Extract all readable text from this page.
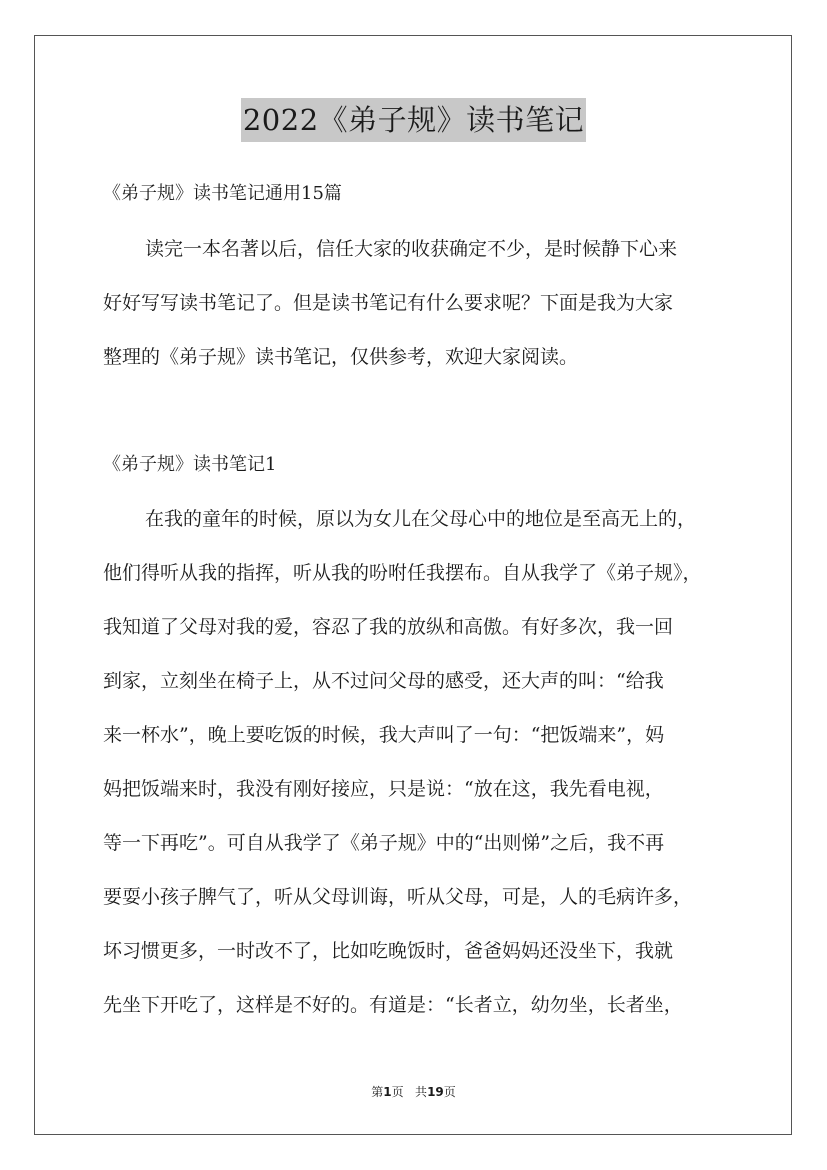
2022《弟子规》读书笔记
《弟子规》读书笔记通用15篇
读完一本名著以后，信任大家的收获确定不少，是时候静下心来
好好写写读书笔记了。但是读书笔记有什么要求呢？下面是我为大家
整理的《弟子规》读书笔记，仅供参考，欢迎大家阅读。
《弟子规》读书笔记1
在我的童年的时候，原以为女儿在父母心中的地位是至高无上的，
他们得听从我的指挥，听从我的吩咐任我摆布。自从我学了《弟子规》，
我知道了父母对我的爱，容忍了我的放纵和高傲。有好多次，我一回
到家，立刻坐在椅子上，从不过问父母的感受，还大声的叫：“给我
来一杯水”，晚上要吃饭的时候，我大声叫了一句：“把饭端来”，妈
妈把饭端来时，我没有刚好接应，只是说：“放在这，我先看电视，
等一下再吃”。可自从我学了《弟子规》中的“出则悌”之后，我不再
要耍小孩子脾气了，听从父母训诲，听从父母，可是，人的毛病许多，
坏习惯更多，一时改不了，比如吃晚饭时，爸爸妈妈还没坐下，我就
先坐下开吃了，这样是不好的。有道是：“长者立，幼勿坐，长者坐，
第1页 共19页
